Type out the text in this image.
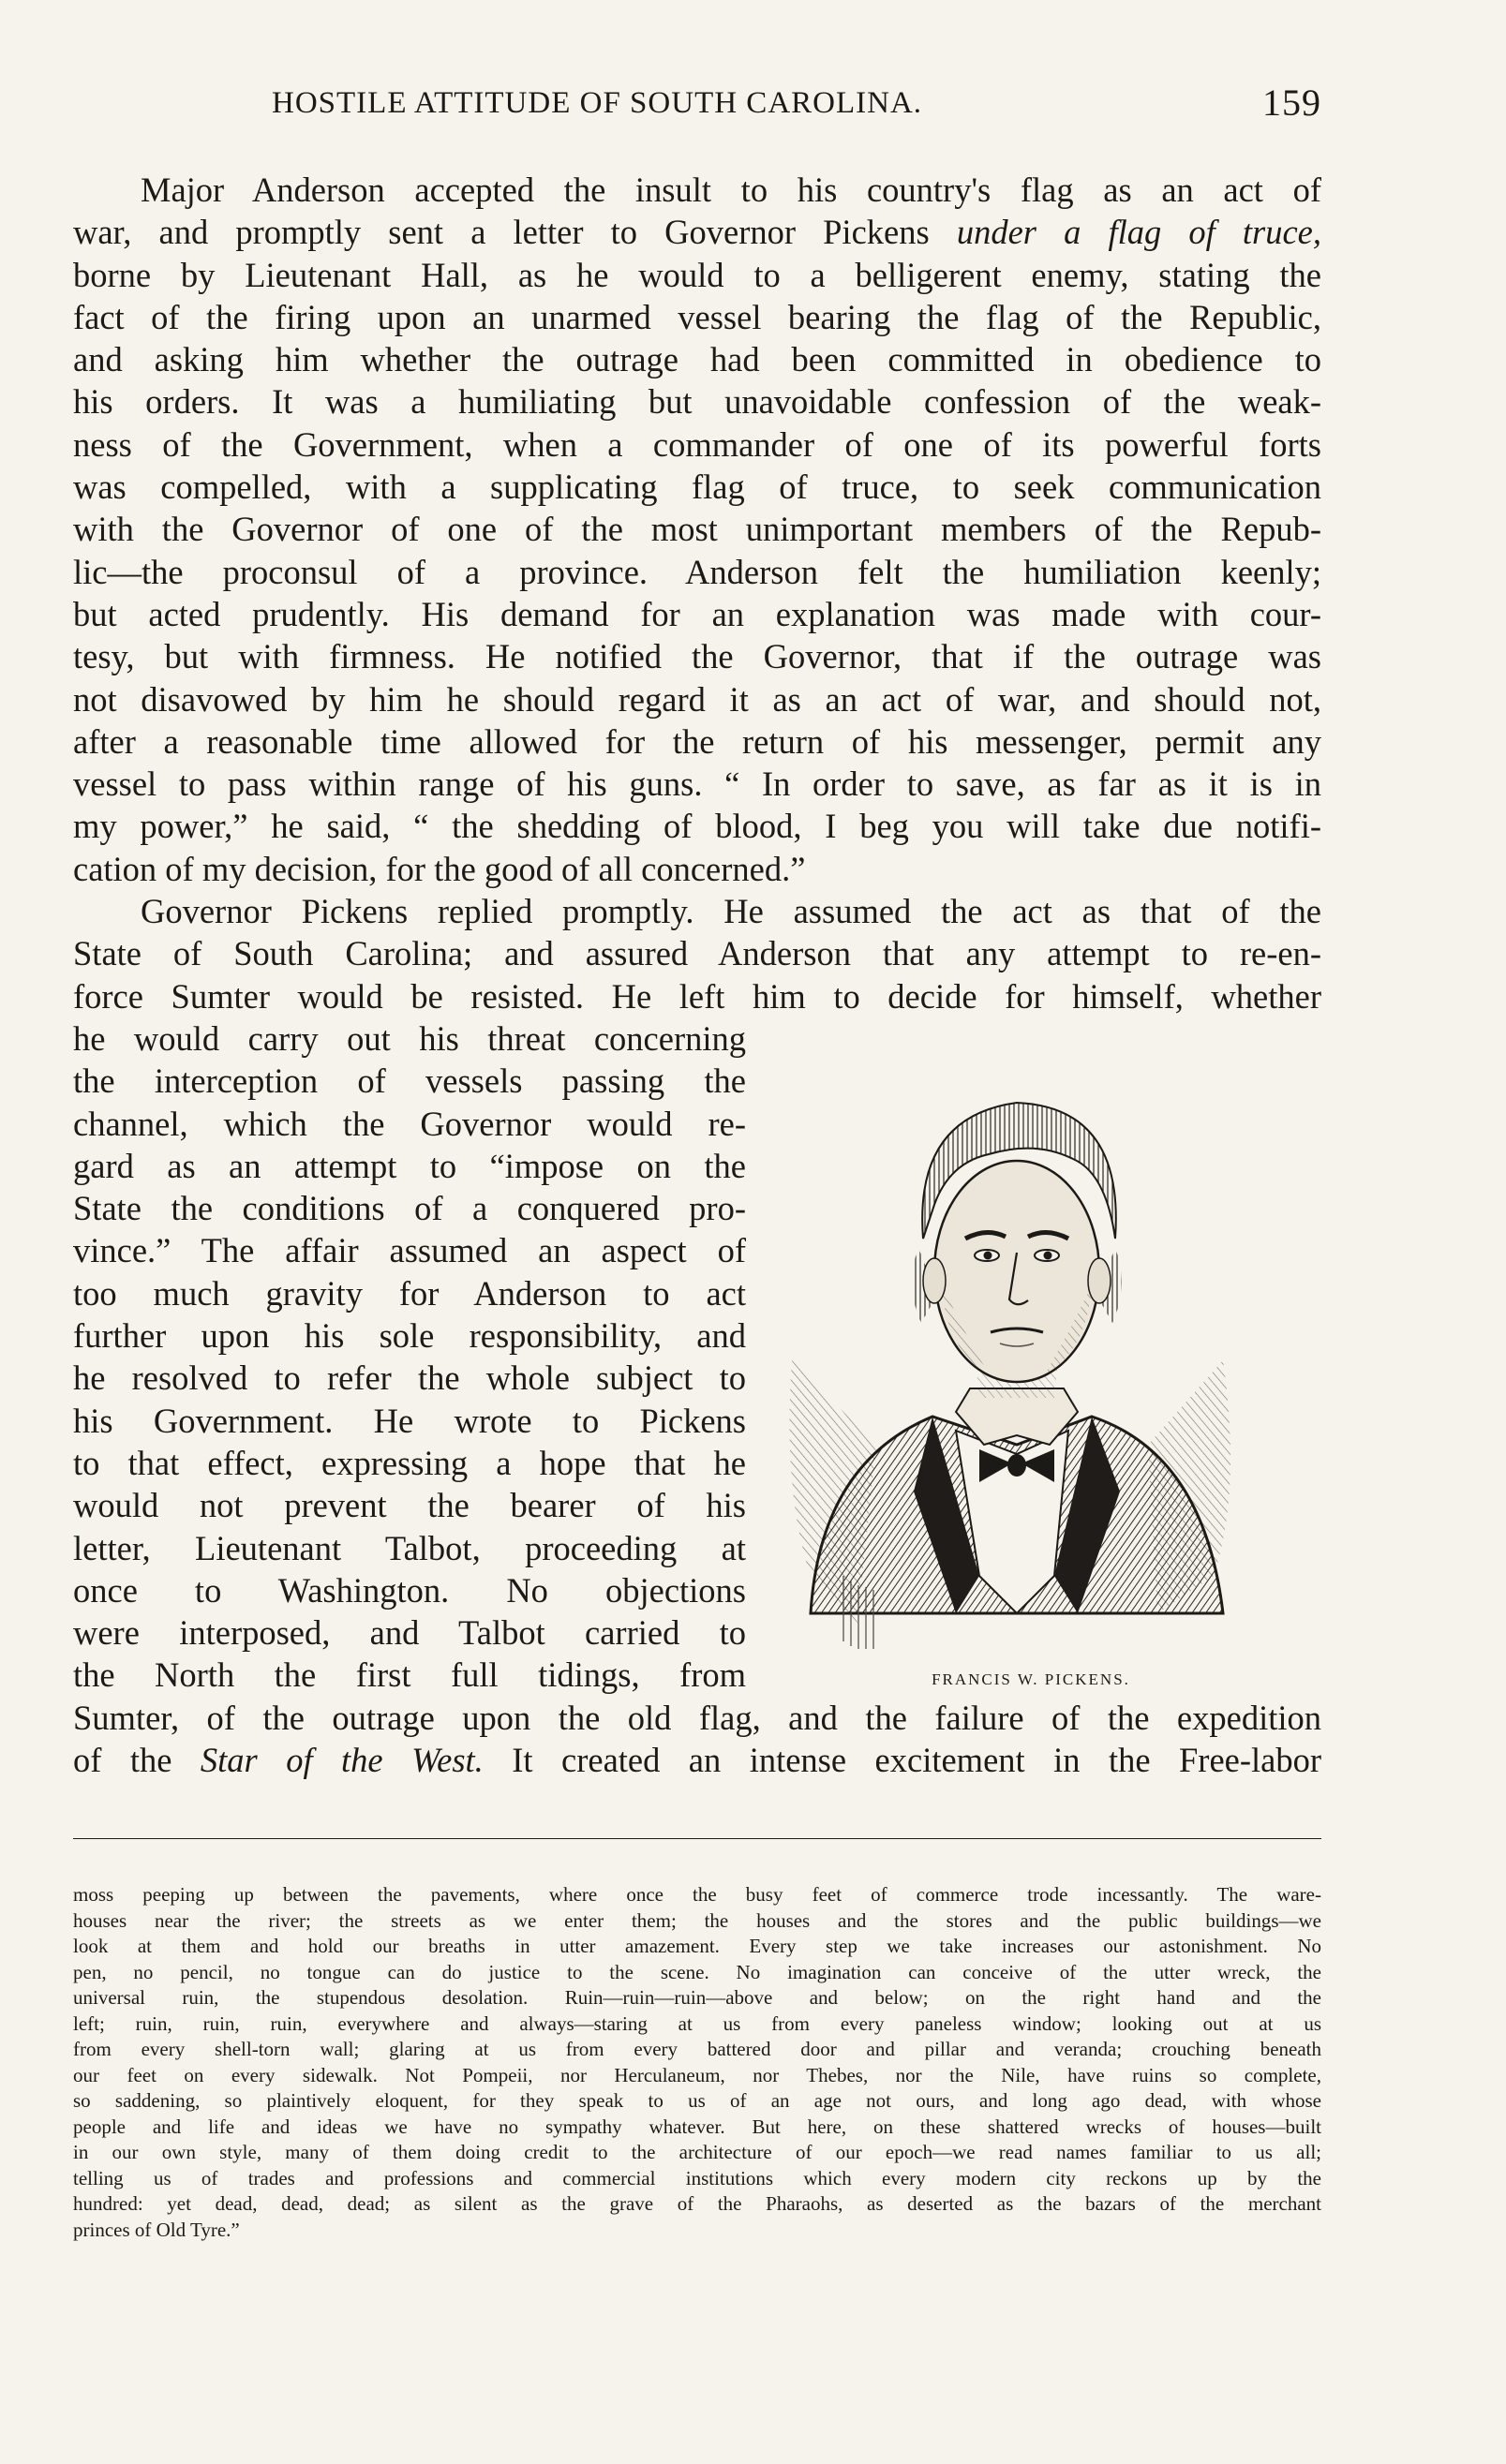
HOSTILE ATTITUDE OF SOUTH CAROLINA.	159
Major Anderson accepted the insult to his country's flag as an act of
war, and promptly sent a letter to Governor Pickens under a flag of truce,
borne by Lieutenant Hall, as he would to a belligerent enemy, stating the
fact of the firing upon an unarmed vessel bearing the flag of the Republic,
and asking him whether the outrage had been committed in obedience to
his orders. It was a humiliating but unavoidable confession of the weak-
ness of the Government, when a commander of one of its powerful forts
was compelled, with a supplicating flag of truce, to seek communication
with the Governor of one of the most unimportant members of the Repub-
lic—the proconsul of a province. Anderson felt the humiliation keenly;
but acted prudently. His demand for an explanation was made with cour-
tesy, but with firmness. He notified the Governor, that if the outrage was
not disavowed by him he should regard it as an act of war, and should not,
after a reasonable time allowed for the return of his messenger, permit any
vessel to pass within range of his guns. “ In order to save, as far as it is in
my power,” he said, “ the shedding of blood, I beg you will take due notifi-
cation of my decision, for the good of all concerned.”
Governor Pickens replied promptly. He assumed the act as that of the
State of South Carolina; and assured Anderson that any attempt to re-en-
force Sumter would be resisted. He left him to decide for himself, whether
he would carry out his threat concerning
the interception of vessels passing the
channel, which the Governor would re-
gard as an attempt to “impose on the
State the conditions of a conquered pro-
vince.” The affair assumed an aspect of
too much gravity for Anderson to act
further upon his sole responsibility, and
he resolved to refer the whole subject to
his Government. He wrote to Pickens
to that effect, expressing a hope that he
would not prevent the bearer of his
letter, Lieutenant Talbot, proceeding at
once to Washington. No objections
were interposed, and Talbot carried to
the North the first full tidings, from
Sumter, of the outrage upon the old flag, and the failure of the expedition
of the Star of the West. It created an intense excitement in the Free-labor
FRANCIS W. PICKENS.
moss peeping up between the pavements, where once the busy feet of commerce trode incessantly. The ware-
houses near the river; the streets as we enter them; the houses and the stores and the public buildings—we
look at them and hold our breaths in utter amazement. Every step we take increases our astonishment. No
pen, no pencil, no tongue can do justice to the scene. No imagination can conceive of the utter wreck, the
universal ruin, the stupendous desolation. Ruin—ruin—ruin—above and below; on the right hand and the
left; ruin, ruin, ruin, everywhere and always—staring at us from every paneless window; looking out at us
from every shell-torn wall; glaring at us from every battered door and pillar and veranda; crouching beneath
our feet on every sidewalk. Not Pompeii, nor Herculaneum, nor Thebes, nor the Nile, have ruins so complete,
so saddening, so plaintively eloquent, for they speak to us of an age not ours, and long ago dead, with whose
people and life and ideas we have no sympathy whatever. But here, on these shattered wrecks of houses—built
in our own style, many of them doing credit to the architecture of our epoch—we read names familiar to us all;
telling us of trades and professions and commercial institutions which every modern city reckons up by the
hundred: yet dead, dead, dead; as silent as the grave of the Pharaohs, as deserted as the bazars of the merchant
princes of Old Tyre.”
